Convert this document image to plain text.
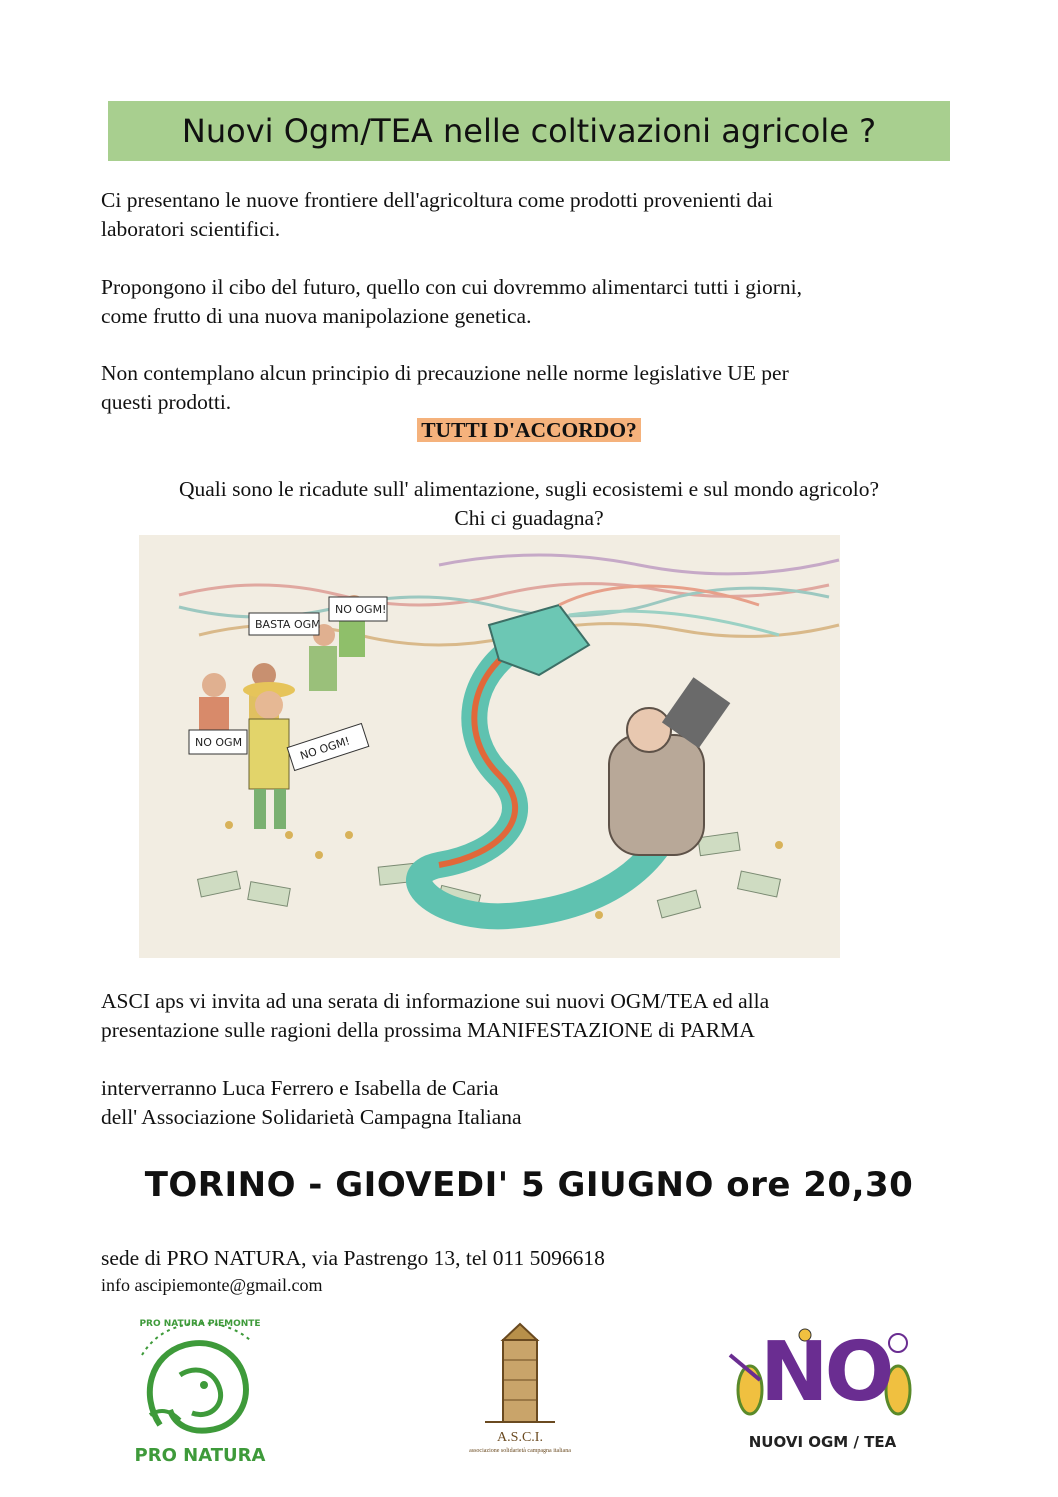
Nuovi Ogm/TEA nelle coltivazioni agricole ?
Ci presentano le nuove frontiere dell'agricoltura come prodotti provenienti dai
laboratori scientifici.
Propongono il cibo del futuro, quello con cui dovremmo alimentarci tutti i giorni,
come frutto di una nuova manipolazione genetica.
Non contemplano alcun principio di precauzione nelle norme legislative UE per
questi prodotti.
TUTTI D'ACCORDO?
Quali sono le ricadute sull' alimentazione, sugli ecosistemi e sul mondo agricolo?
Chi ci guadagna?
BASTA OGM
NO OGM!
NO OGM	NO OGM!
ASCI aps vi invita ad una serata di informazione sui nuovi OGM/TEA ed alla
presentazione sulle ragioni della prossima MANIFESTAZIONE di PARMA
interverranno Luca Ferrero e Isabella de Caria
dell' Associazione Solidarietà Campagna Italiana
TORINO - GIOVEDI' 5 GIUGNO ore 20,30
sede di PRO NATURA, via Pastrengo 13, tel 011 5096618
info ascipiemonte@gmail.com
PRO NATURA PIEMONTE
PRO NATURA
A.S.C.I.
associazione solidarietà campagna italiana
NO
NUOVI OGM / TEA
